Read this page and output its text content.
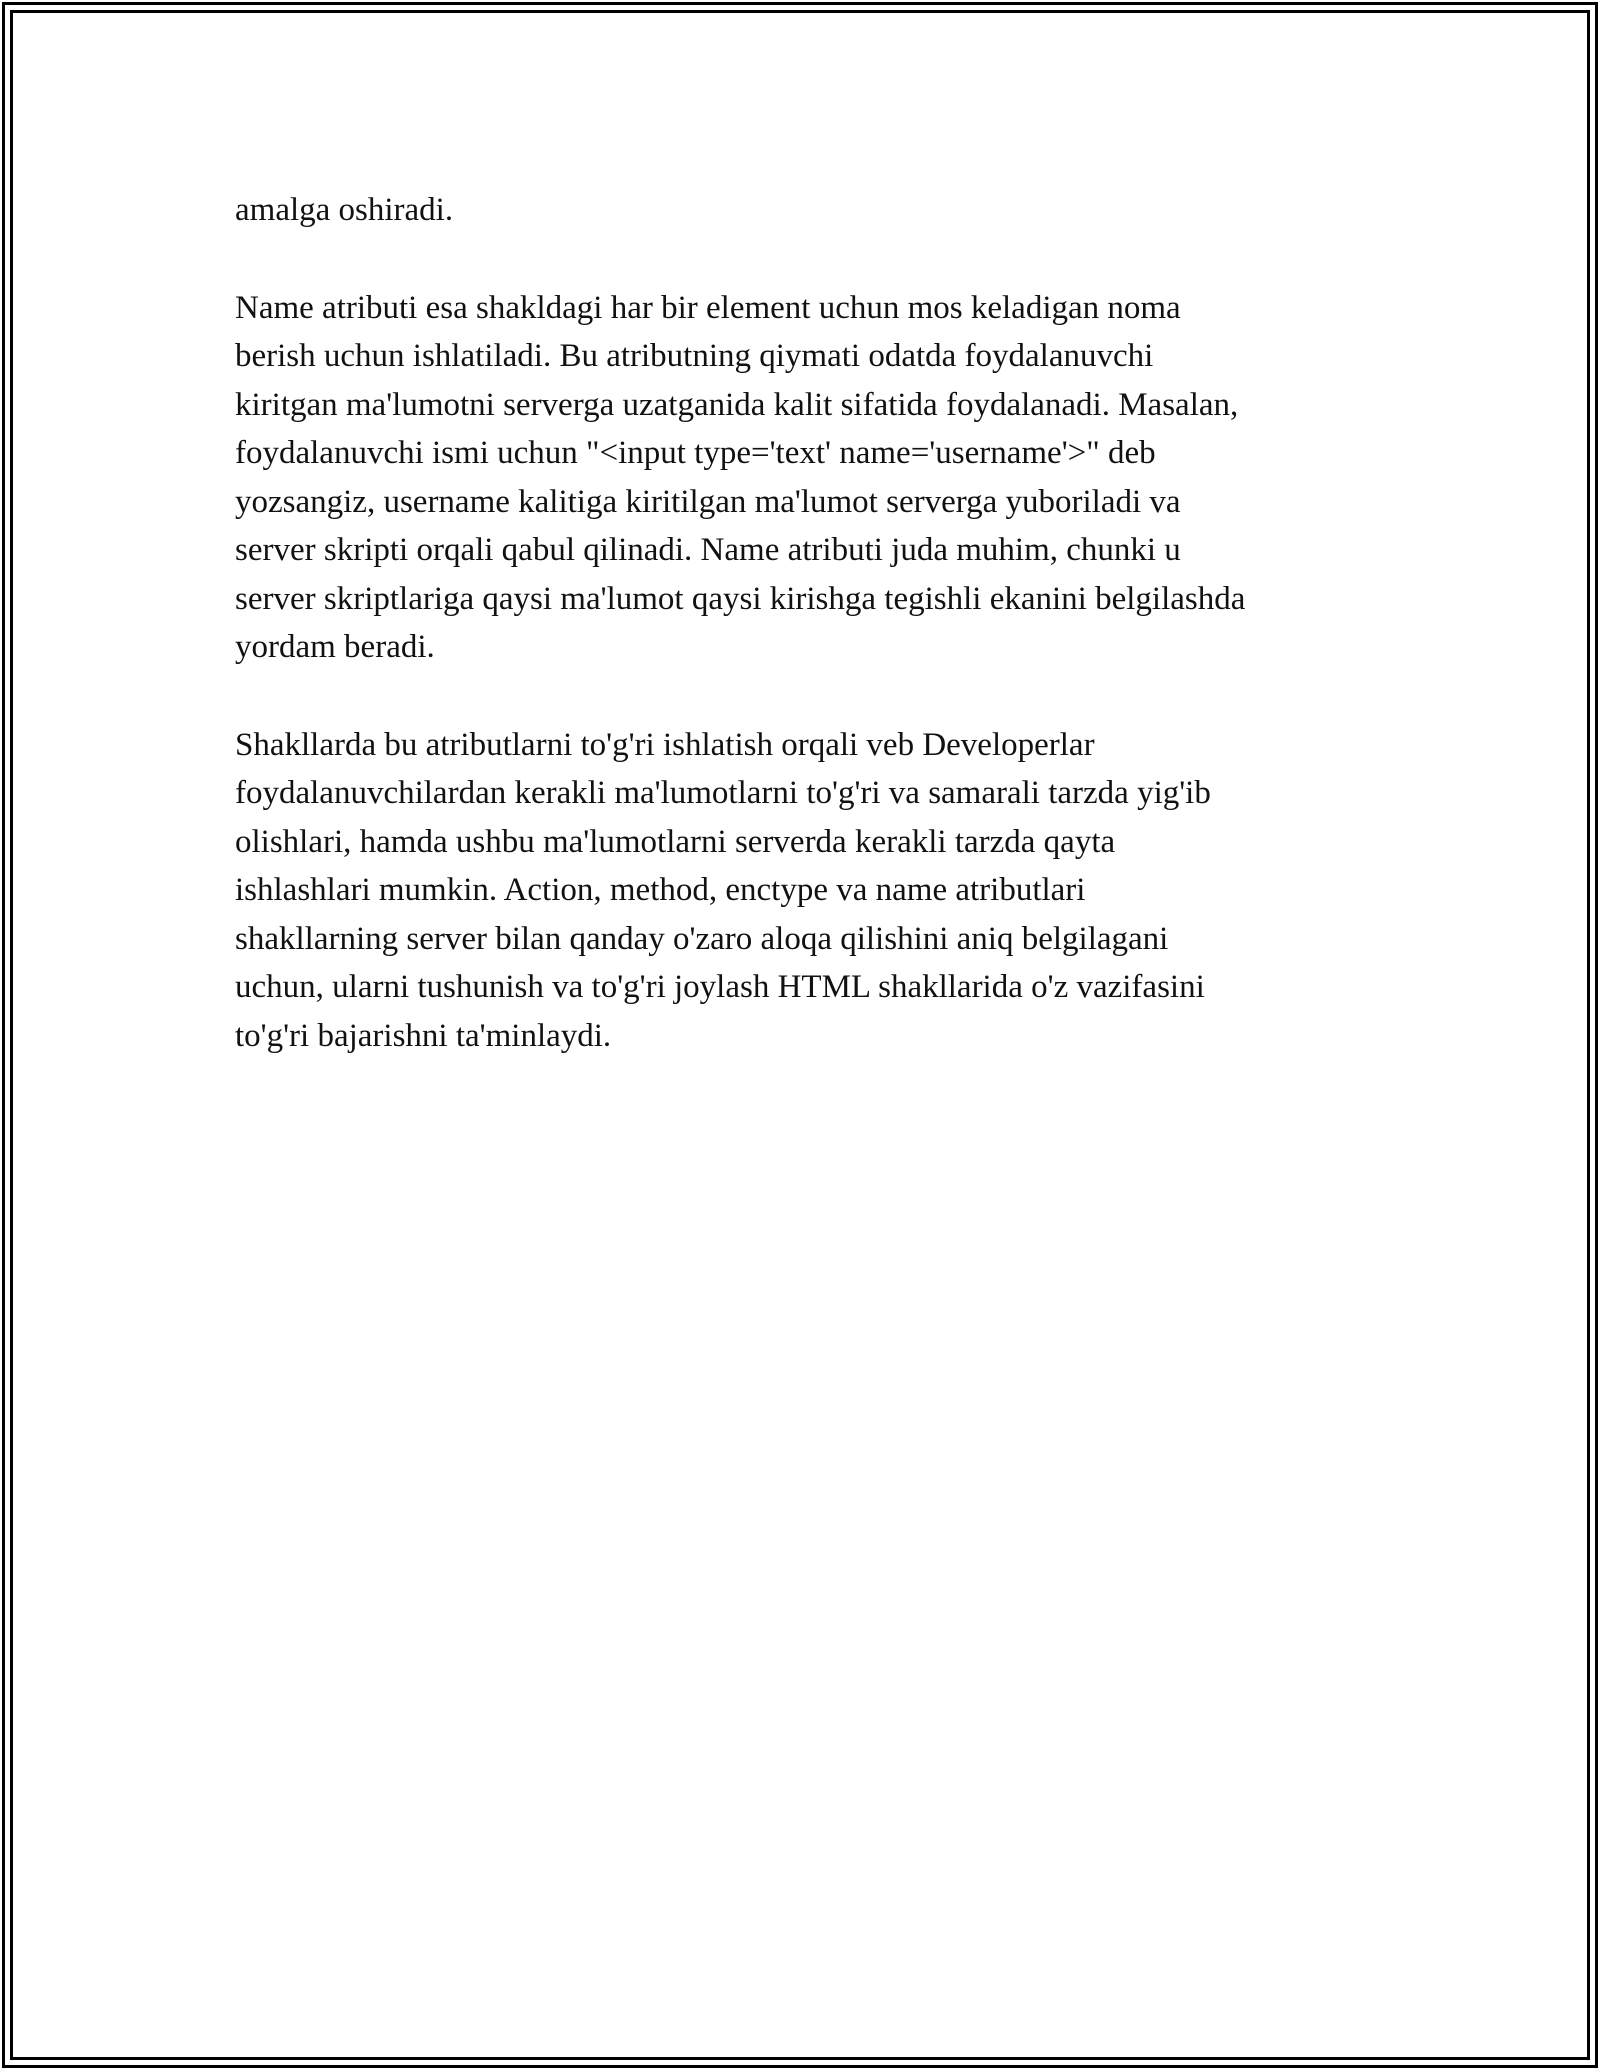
amalga oshiradi.

Name atributi esa shakldagi har bir element uchun mos keladigan noma
berish uchun ishlatiladi. Bu atributning qiymati odatda foydalanuvchi
kiritgan ma'lumotni serverga uzatganida kalit sifatida foydalanadi. Masalan,
foydalanuvchi ismi uchun "<input type='text' name='username'>" deb
yozsangiz, username kalitiga kiritilgan ma'lumot serverga yuboriladi va
server skripti orqali qabul qilinadi. Name atributi juda muhim, chunki u
server skriptlariga qaysi ma'lumot qaysi kirishga tegishli ekanini belgilashda
yordam beradi.

Shakllarda bu atributlarni to'g'ri ishlatish orqali veb Developerlar
foydalanuvchilardan kerakli ma'lumotlarni to'g'ri va samarali tarzda yig'ib
olishlari, hamda ushbu ma'lumotlarni serverda kerakli tarzda qayta
ishlashlari mumkin. Action, method, enctype va name atributlari
shakllarning server bilan qanday o'zaro aloqa qilishini aniq belgilagani
uchun, ularni tushunish va to'g'ri joylash HTML shakllarida o'z vazifasini
to'g'ri bajarishni ta'minlaydi.
